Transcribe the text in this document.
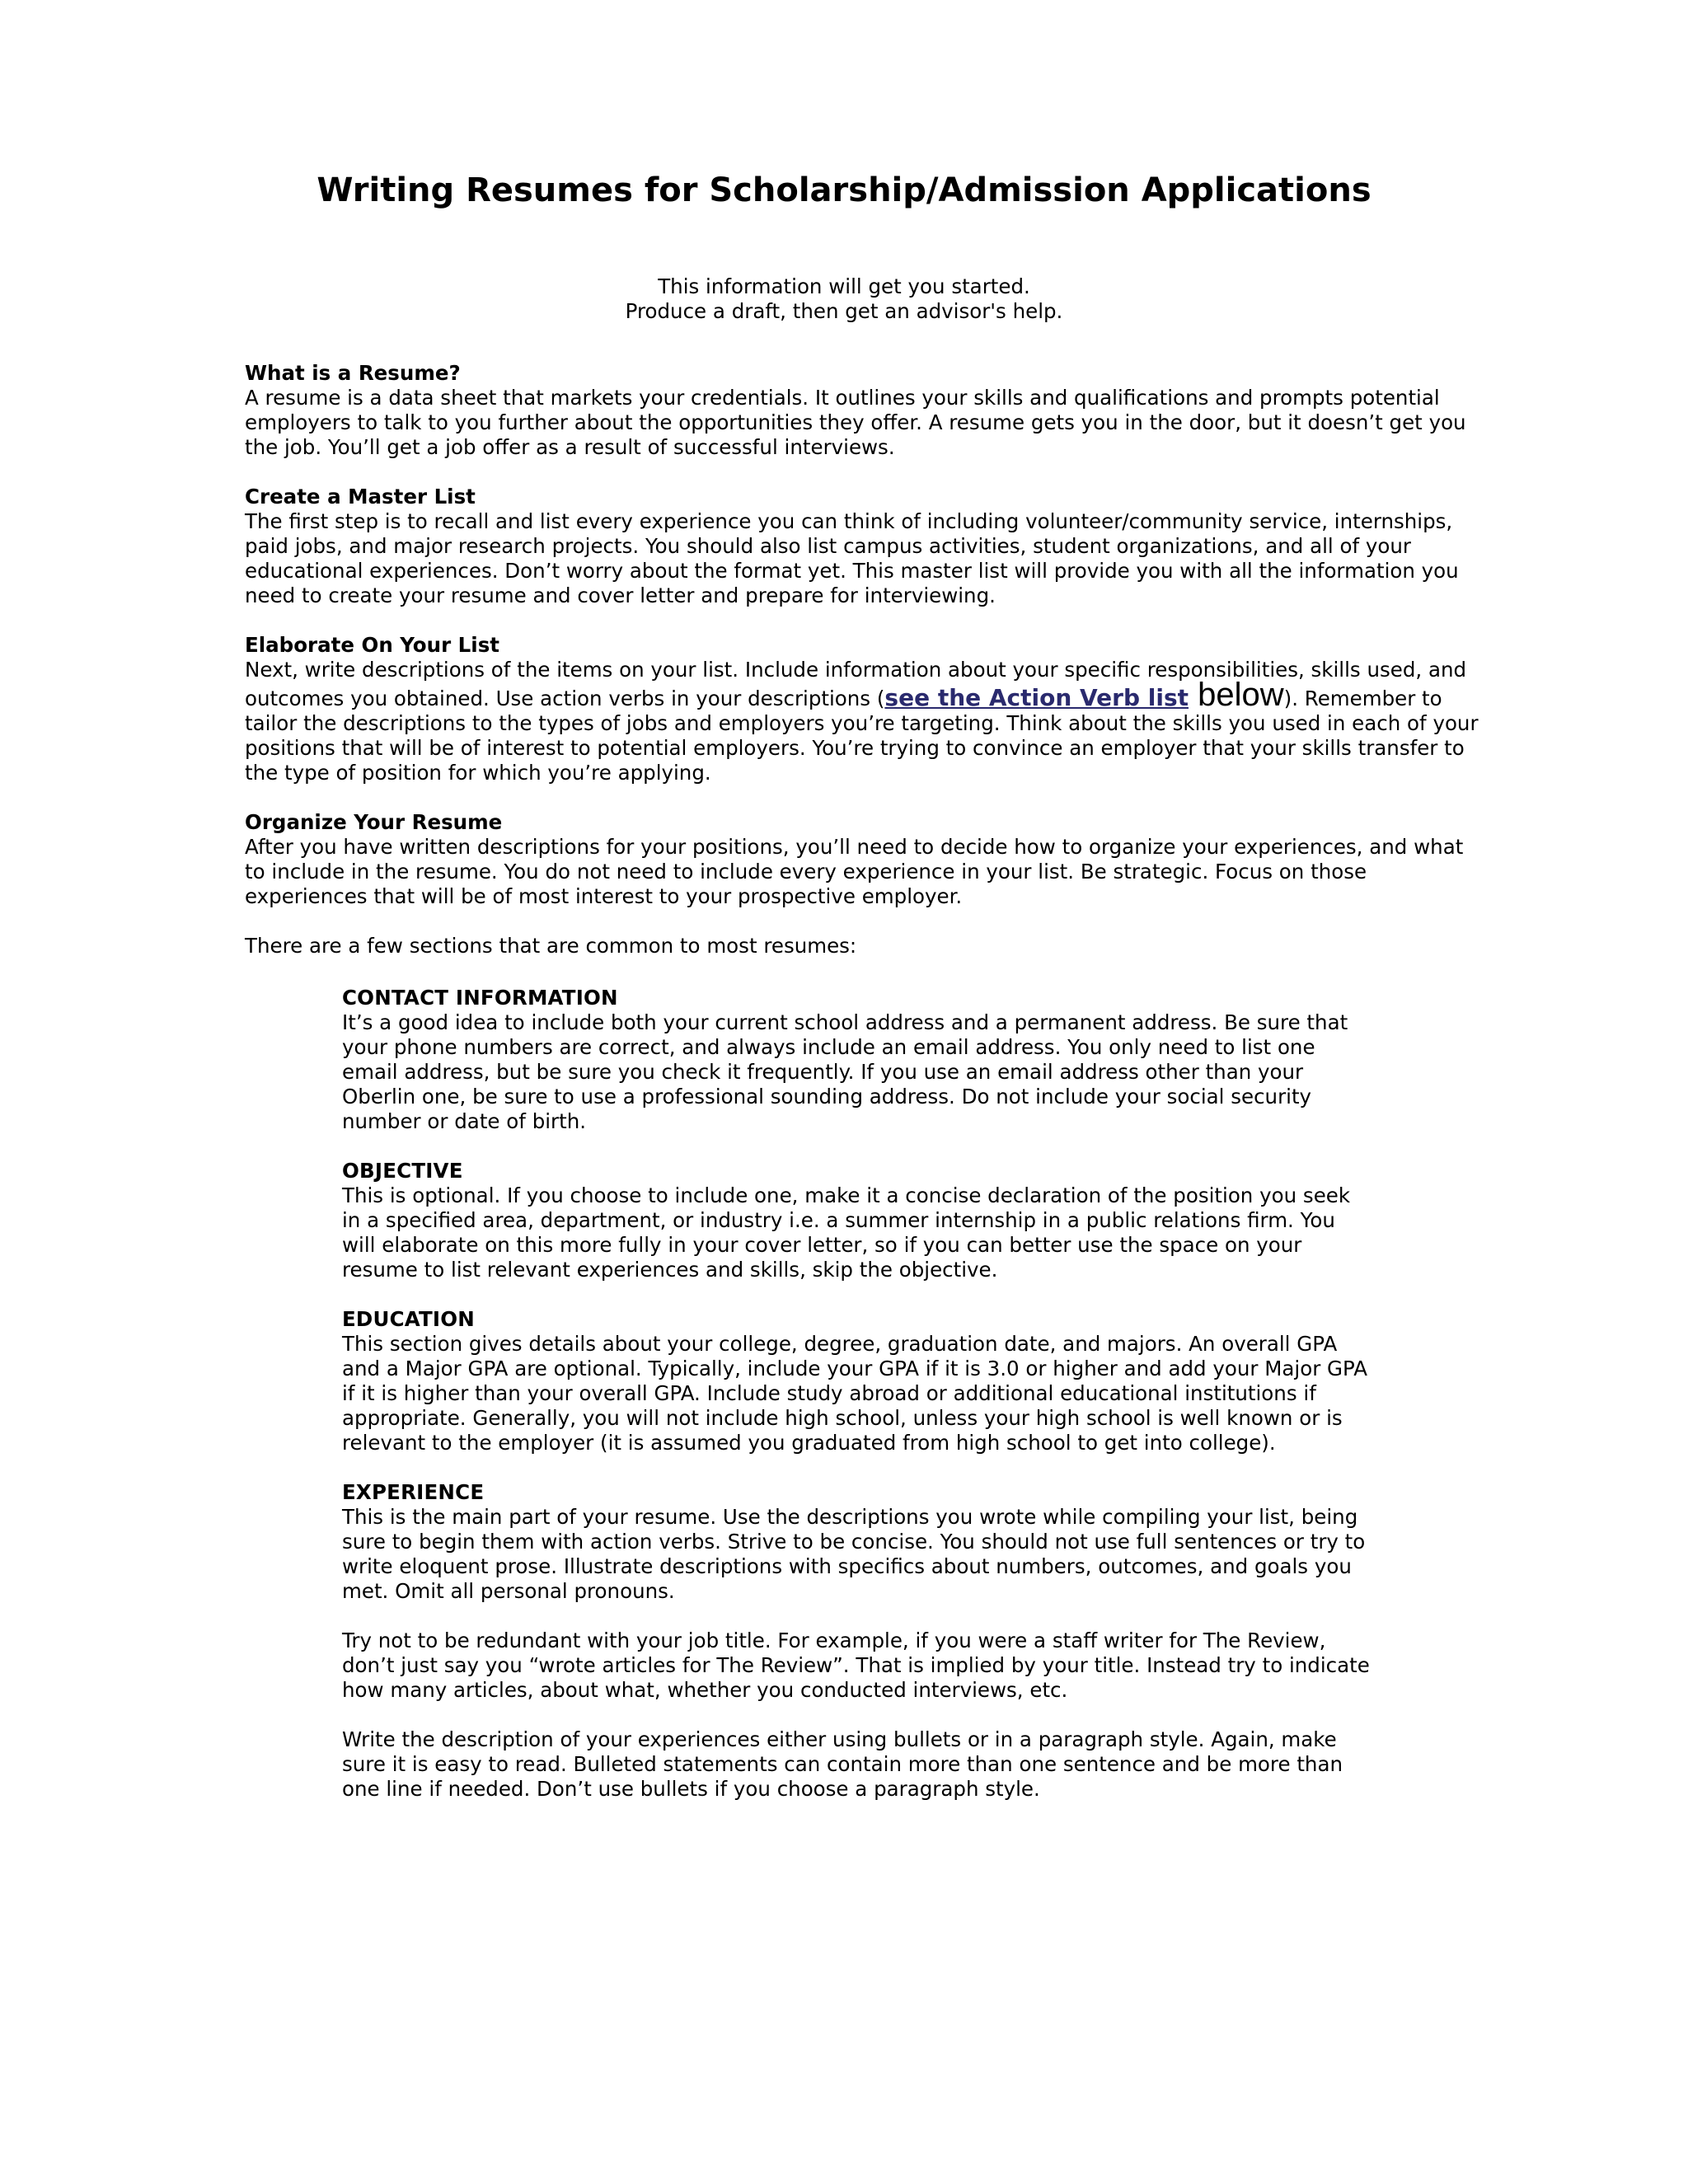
Writing Resumes for Scholarship/Admission Applications

This information will get you started.

Produce a draft, then get an advisor's help.

What is a Resume?

A resume is a data sheet that markets your credentials. It outlines your skills and qualifications and prompts potential employers to talk to you further about the opportunities they offer. A resume gets you in the door, but it doesn’t get you the job. You’ll get a job offer as a result of successful interviews.

Create a Master List

The first step is to recall and list every experience you can think of including volunteer/community service, internships, paid jobs, and major research projects. You should also list campus activities, student organizations, and all of your educational experiences. Don’t worry about the format yet. This master list will provide you with all the information you need to create your resume and cover letter and prepare for interviewing.

Elaborate On Your List

Next, write descriptions of the items on your list. Include information about your specific responsibilities, skills used, and outcomes you obtained. Use action verbs in your descriptions (see the Action Verb list below). Remember to tailor the descriptions to the types of jobs and employers you’re targeting. Think about the skills you used in each of your positions that will be of interest to potential employers. You’re trying to convince an employer that your skills transfer to the type of position for which you’re applying.

Organize Your Resume

After you have written descriptions for your positions, you’ll need to decide how to organize your experiences, and what to include in the resume. You do not need to include every experience in your list. Be strategic. Focus on those experiences that will be of most interest to your prospective employer.

There are a few sections that are common to most resumes:

CONTACT INFORMATION

It’s a good idea to include both your current school address and a permanent address. Be sure that your phone numbers are correct, and always include an email address. You only need to list one email address, but be sure you check it frequently. If you use an email address other than your Oberlin one, be sure to use a professional sounding address. Do not include your social security number or date of birth.

OBJECTIVE

This is optional. If you choose to include one, make it a concise declaration of the position you seek in a specified area, department, or industry i.e. a summer internship in a public relations firm. You will elaborate on this more fully in your cover letter, so if you can better use the space on your resume to list relevant experiences and skills, skip the objective.

EDUCATION

This section gives details about your college, degree, graduation date, and majors. An overall GPA and a Major GPA are optional. Typically, include your GPA if it is 3.0 or higher and add your Major GPA if it is higher than your overall GPA. Include study abroad or additional educational institutions if appropriate. Generally, you will not include high school, unless your high school is well known or is relevant to the employer (it is assumed you graduated from high school to get into college).

EXPERIENCE

This is the main part of your resume. Use the descriptions you wrote while compiling your list, being sure to begin them with action verbs. Strive to be concise. You should not use full sentences or try to write eloquent prose. Illustrate descriptions with specifics about numbers, outcomes, and goals you met. Omit all personal pronouns.

Try not to be redundant with your job title. For example, if you were a staff writer for The Review, don’t just say you “wrote articles for The Review”. That is implied by your title. Instead try to indicate how many articles, about what, whether you conducted interviews, etc.

Write the description of your experiences either using bullets or in a paragraph style. Again, make sure it is easy to read. Bulleted statements can contain more than one sentence and be more than one line if needed. Don’t use bullets if you choose a paragraph style.
